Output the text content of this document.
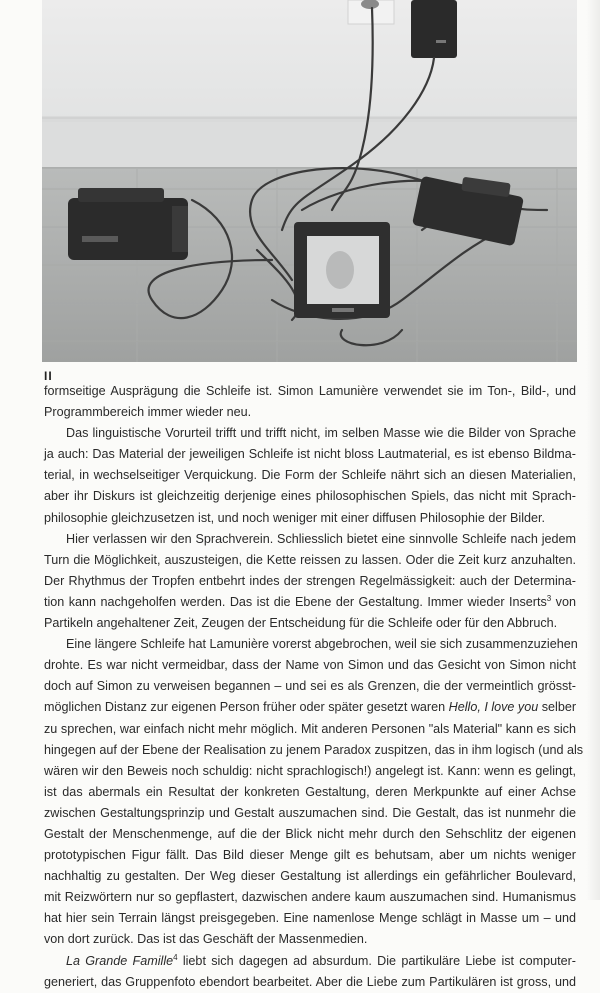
II

formseitige Ausprägung die Schleife ist. Simon Lamunière verwendet sie im Ton-, Bild-, und
Programmbereich immer wieder neu.

Das linguistische Vorurteil trifft und trifft nicht, im selben Masse wie die Bilder von Sprache
ja auch: Das Material der jeweiligen Schleife ist nicht bloss Lautmaterial, es ist ebenso Bildma-
terial, in wechselseitiger Verquickung. Die Form der Schleife nährt sich an diesen Materialien,
aber ihr Diskurs ist gleichzeitig derjenige eines philosophischen Spiels, das nicht mit Sprach-
philosophie gleichzusetzen ist, und noch weniger mit einer diffusen Philosophie der Bilder.

Hier verlassen wir den Sprachverein. Schliesslich bietet eine sinnvolle Schleife nach jedem
Turn die Möglichkeit, auszusteigen, die Kette reissen zu lassen. Oder die Zeit kurz anzuhalten.
Der Rhythmus der Tropfen entbehrt indes der strengen Regelmässigkeit: auch der Determina-
tion kann nachgeholfen werden. Das ist die Ebene der Gestaltung. Immer wieder Inserts$^3$ von
Partikeln angehaltener Zeit, Zeugen der Entscheidung für die Schleife oder für den Abbruch.

Eine längere Schleife hat Lamunière vorerst abgebrochen, weil sie sich zusammenzuziehen
drohte. Es war nicht vermeidbar, dass der Name von Simon und das Gesicht von Simon nicht
doch auf Simon zu verweisen begannen – und sei es als Grenzen, die der vermeintlich grösst-
möglichen Distanz zur eigenen Person früher oder später gesetzt waren Hello, I love you selber
zu sprechen, war einfach nicht mehr möglich. Mit anderen Personen "als Material" kann es sich
hingegen auf der Ebene der Realisation zu jenem Paradox zuspitzen, das in ihm logisch (und als
wären wir den Beweis noch schuldig: nicht sprachlogisch!) angelegt ist. Kann: wenn es gelingt,
ist das abermals ein Resultat der konkreten Gestaltung, deren Merkpunkte auf einer Achse
zwischen Gestaltungsprinzip und Gestalt auszumachen sind. Die Gestalt, das ist nunmehr die
Gestalt der Menschenmenge, auf die der Blick nicht mehr durch den Sehschlitz der eigenen
prototypischen Figur fällt. Das Bild dieser Menge gilt es behutsam, aber um nichts weniger
nachhaltig zu gestalten. Der Weg dieser Gestaltung ist allerdings ein gefährlicher Boulevard,
mit Reizwörtern nur so gepflastert, dazwischen andere kaum auszumachen sind. Humanismus
hat hier sein Terrain längst preisgegeben. Eine namenlose Menge schlägt in Masse um – und
von dort zurück. Das ist das Geschäft der Massenmedien.

La Grande Famille$^4$ liebt sich dagegen ad absurdum. Die partikuläre Liebe ist computer-
generiert, das Gruppenfoto ebendort bearbeitet. Aber die Liebe zum Partikulären ist gross, und
